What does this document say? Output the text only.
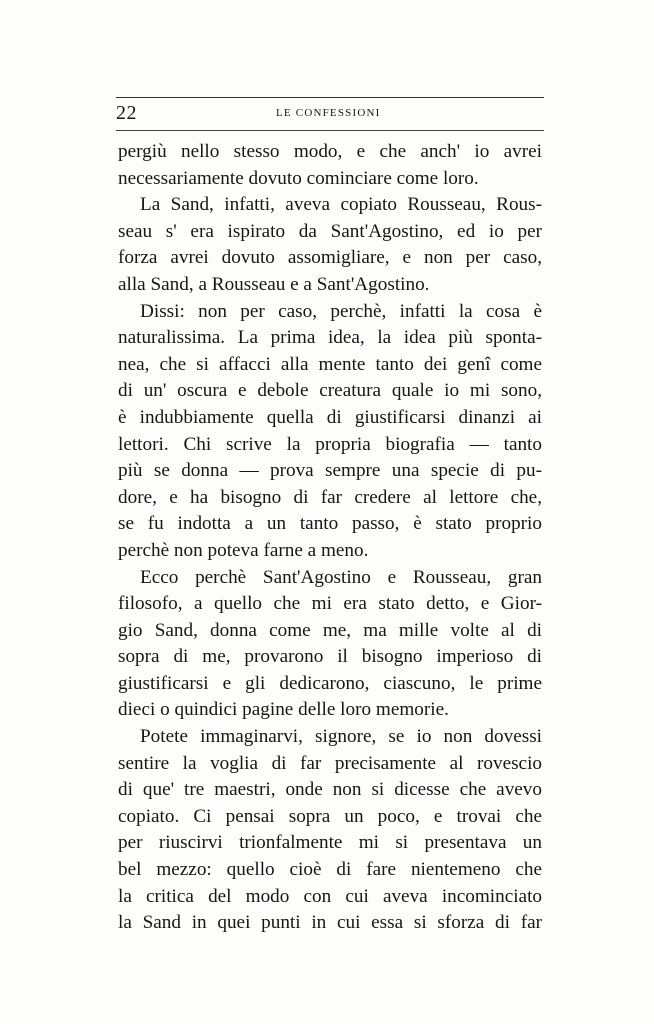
22	LE CONFESSIONI
pergiù nello stesso modo, e che anch' io avrei
necessariamente dovuto cominciare come loro.
La Sand, infatti, aveva copiato Rousseau, Rous-
seau s' era ispirato da Sant'Agostino, ed io per
forza avrei dovuto assomigliare, e non per caso,
alla Sand, a Rousseau e a Sant'Agostino.
Dissi: non per caso, perchè, infatti la cosa è
naturalissima. La prima idea, la idea più sponta-
nea, che si affacci alla mente tanto dei genî come
di un' oscura e debole creatura quale io mi sono,
è indubbiamente quella di giustificarsi dinanzi ai
lettori. Chi scrive la propria biografia — tanto
più se donna — prova sempre una specie di pu-
dore, e ha bisogno di far credere al lettore che,
se fu indotta a un tanto passo, è stato proprio
perchè non poteva farne a meno.
Ecco perchè Sant'Agostino e Rousseau, gran
filosofo, a quello che mi era stato detto, e Gior-
gio Sand, donna come me, ma mille volte al di
sopra di me, provarono il bisogno imperioso di
giustificarsi e gli dedicarono, ciascuno, le prime
dieci o quindici pagine delle loro memorie.
Potete immaginarvi, signore, se io non dovessi
sentire la voglia di far precisamente al rovescio
di que' tre maestri, onde non si dicesse che avevo
copiato. Ci pensai sopra un poco, e trovai che
per riuscirvi trionfalmente mi si presentava un
bel mezzo: quello cioè di fare nientemeno che
la critica del modo con cui aveva incominciato
la Sand in quei punti in cui essa si sforza di far
